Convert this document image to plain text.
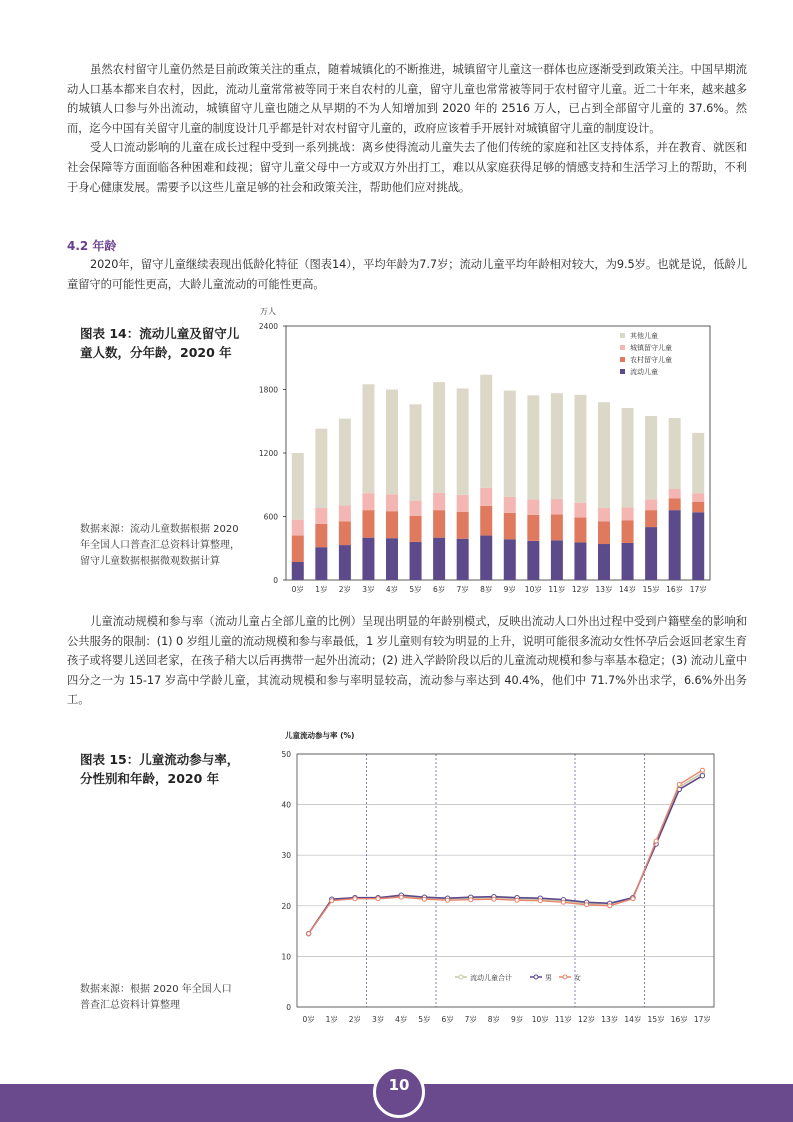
虽然农村留守儿童仍然是目前政策关注的重点，随着城镇化的不断推进，城镇留守儿童这一群体也应逐渐受到政策关注。中国早期流动人口基本都来自农村，因此，流动儿童常常被等同于来自农村的儿童，留守儿童也常常被等同于农村留守儿童。近二十年来，越来越多的城镇人口参与外出流动，城镇留守儿童也随之从早期的不为人知增加到 2020 年的 2516 万人，已占到全部留守儿童的 37.6%。然而，迄今中国有关留守儿童的制度设计几乎都是针对农村留守儿童的，政府应该着手开展针对城镇留守儿童的制度设计。

受人口流动影响的儿童在成长过程中受到一系列挑战：离乡使得流动儿童失去了他们传统的家庭和社区支持体系，并在教育、就医和社会保障等方面面临各种困难和歧视；留守儿童父母中一方或双方外出打工，难以从家庭获得足够的情感支持和生活学习上的帮助，不利于身心健康发展。需要予以这些儿童足够的社会和政策关注，帮助他们应对挑战。

4.2 年龄

2020年，留守儿童继续表现出低龄化特征（图表14），平均年龄为7.7岁；流动儿童平均年龄相对较大，为9.5岁。也就是说，低龄儿童留守的可能性更高，大龄儿童流动的可能性更高。

图表 14：流动儿童及留守儿童人数，分年龄，2020 年
数据来源：流动儿童数据根据 2020 年全国人口普查汇总资料计算整理，留守儿童数据根据微观数据计算
万人
0
600
1200
1800
2400
0岁 1岁 2岁 3岁 4岁 5岁 6岁 7岁 8岁 9岁 10岁 11岁 12岁 13岁 14岁 15岁 16岁 17岁
其他儿童
城镇留守儿童
农村留守儿童
流动儿童

儿童流动规模和参与率（流动儿童占全部儿童的比例）呈现出明显的年龄别模式，反映出流动人口外出过程中受到户籍壁垒的影响和公共服务的限制：(1) 0 岁组儿童的流动规模和参与率最低，1 岁儿童则有较为明显的上升，说明可能很多流动女性怀孕后会返回老家生育孩子或将婴儿送回老家，在孩子稍大以后再携带一起外出流动；(2) 进入学龄阶段以后的儿童流动规模和参与率基本稳定；(3) 流动儿童中四分之一为 15-17 岁高中学龄儿童，其流动规模和参与率明显较高，流动参与率达到 40.4%，他们中 71.7%外出求学，6.6%外出务工。

图表 15：儿童流动参与率，分性别和年龄，2020 年
数据来源：根据 2020 年全国人口普查汇总资料计算整理
儿童流动参与率 (%)
0
10
20
30
40
50
0岁 1岁 2岁 3岁 4岁 5岁 6岁 7岁 8岁 9岁 10岁 11岁 12岁 13岁 14岁 15岁 16岁 17岁
流动儿童合计	男	女
10
